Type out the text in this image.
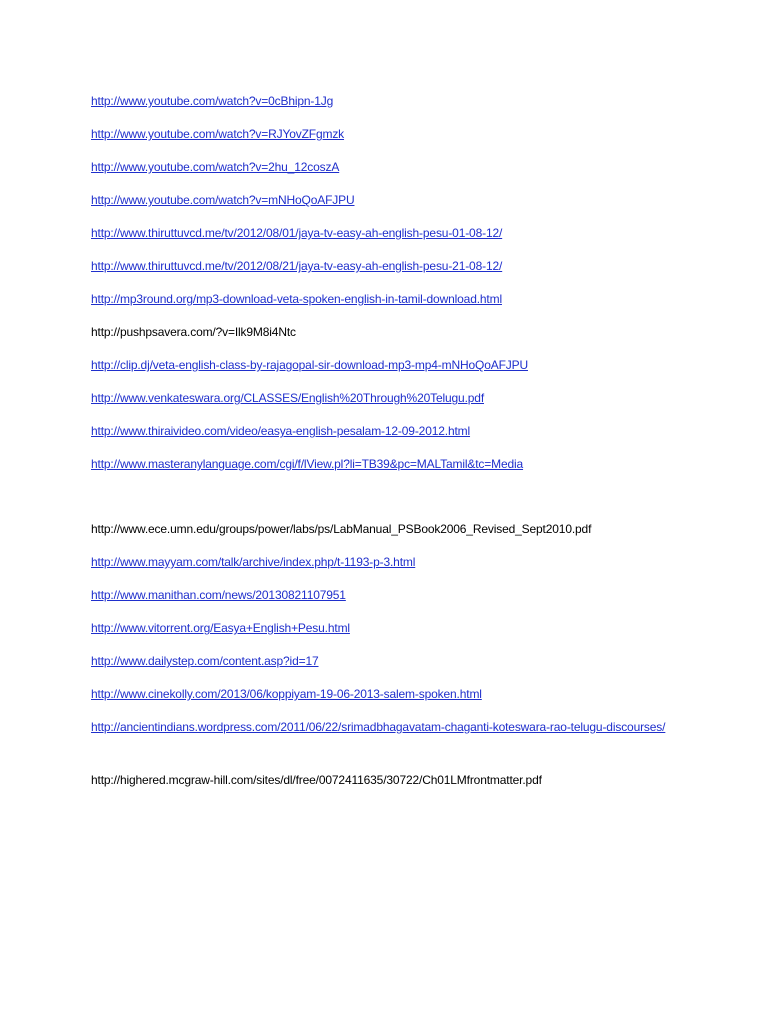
http://www.youtube.com/watch?v=0cBhipn-1Jg
http://www.youtube.com/watch?v=RJYovZFgmzk
http://www.youtube.com/watch?v=2hu_12coszA
http://www.youtube.com/watch?v=mNHoQoAFJPU
http://www.thiruttuvcd.me/tv/2012/08/01/jaya-tv-easy-ah-english-pesu-01-08-12/
http://www.thiruttuvcd.me/tv/2012/08/21/jaya-tv-easy-ah-english-pesu-21-08-12/
http://mp3round.org/mp3-download-veta-spoken-english-in-tamil-download.html
http://pushpsavera.com/?v=Ilk9M8i4Ntc
http://clip.dj/veta-english-class-by-rajagopal-sir-download-mp3-mp4-mNHoQoAFJPU
http://www.venkateswara.org/CLASSES/English%20Through%20Telugu.pdf
http://www.thiraivideo.com/video/easya-english-pesalam-12-09-2012.html
http://www.masteranylanguage.com/cgi/f/lView.pl?li=TB39&pc=MALTamil&tc=Media
http://www.ece.umn.edu/groups/power/labs/ps/LabManual_PSBook2006_Revised_Sept2010.pdf
http://www.mayyam.com/talk/archive/index.php/t-1193-p-3.html
http://www.manithan.com/news/20130821107951
http://www.vitorrent.org/Easya+English+Pesu.html
http://www.dailystep.com/content.asp?id=17
http://www.cinekolly.com/2013/06/koppiyam-19-06-2013-salem-spoken.html
http://ancientindians.wordpress.com/2011/06/22/srimadbhagavatam-chaganti-koteswara-rao-telugu-discourses/
http://highered.mcgraw-hill.com/sites/dl/free/0072411635/30722/Ch01LMfrontmatter.pdf
